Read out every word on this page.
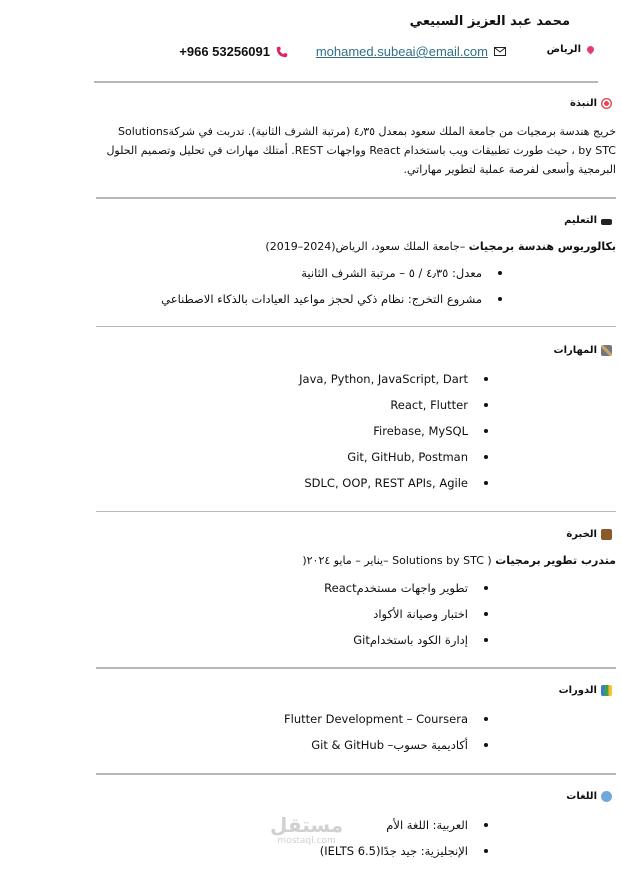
محمد عبد العزيز السبيعي
الرياض
mohamed.subeai@email.com
+966 53256091
النبذة

خريج هندسة برمجيات من جامعة الملك سعود بمعدل ٤٫٣٥ (مرتبة الشرف الثانية). تدربت في شركةSolutions by STC ، حيث طورت تطبيقات ويب باستخدام React وواجهات REST. أمتلك مهارات في تحليل وتصميم الحلول البرمجية وأسعى لفرصة عملية لتطوير مهاراتي.

التعليم

بكالوريوس هندسة برمجيات –جامعة الملك سعود، الرياض(2024–2019)

معدل: ٤٫٣٥ / ٥ – مرتبة الشرف الثانية
مشروع التخرج: نظام ذكي لحجز مواعيد العيادات بالذكاء الاصطناعي
المهارات
Java, Python, JavaScript, Dart
React, Flutter
Firebase, MySQL
Git, GitHub, Postman
SDLC, OOP, REST APIs, Agile
الخبرة

متدرب تطوير برمجيات ( Solutions by STC –يناير – مايو ٢٠٢٤(

تطوير واجهات مستخدمReact
اختبار وصيانة الأكواد
إدارة الكود باستخدامGit
الدورات
Flutter Development – Coursera
Git & GitHub –أكاديمية حسوب
اللغات
العربية: اللغة الأم
الإنجليزية: جيد جدًا(IELTS 6.5)
مستقل
mostaql.com
